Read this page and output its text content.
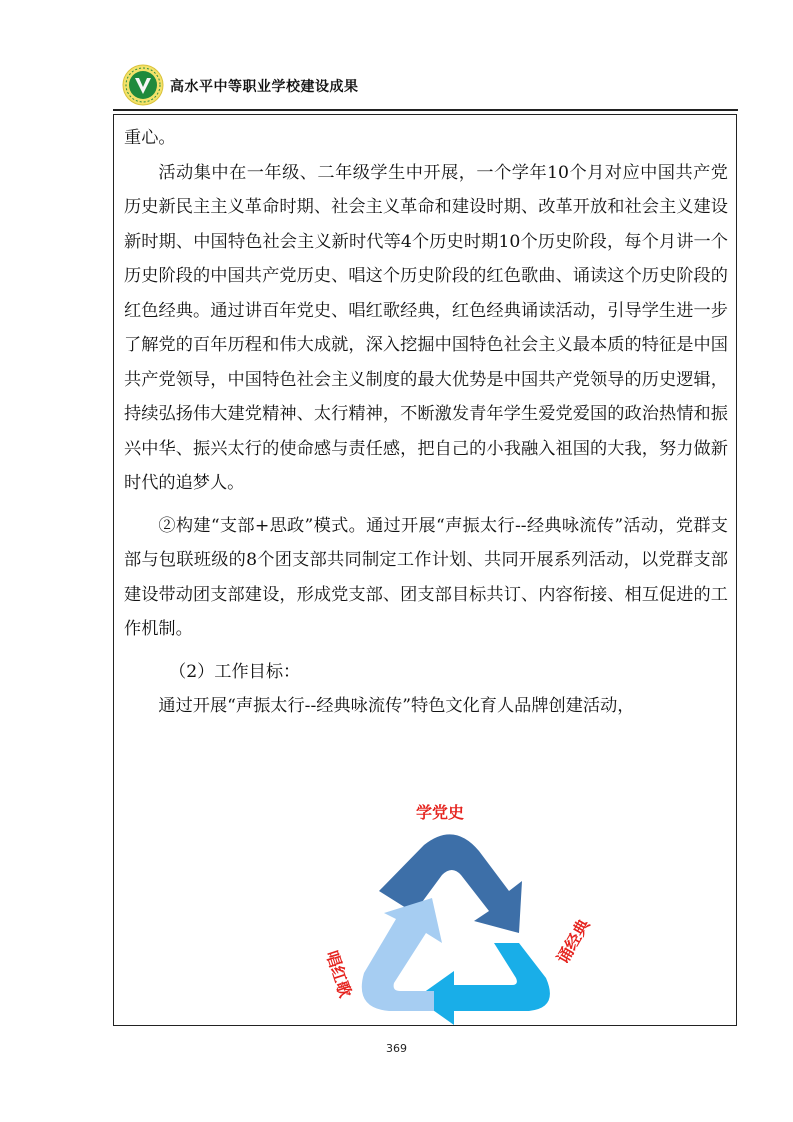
高水平中等职业学校建设成果

重心。

活动集中在一年级、二年级学生中开展，一个学年10个月对应中国共产党历史新民主主义革命时期、社会主义革命和建设时期、改革开放和社会主义建设新时期、中国特色社会主义新时代等4个历史时期10个历史阶段，每个月讲一个历史阶段的中国共产党历史、唱这个历史阶段的红色歌曲、诵读这个历史阶段的红色经典。通过讲百年党史、唱红歌经典，红色经典诵读活动，引导学生进一步了解党的百年历程和伟大成就，深入挖掘中国特色社会主义最本质的特征是中国共产党领导，中国特色社会主义制度的最大优势是中国共产党领导的历史逻辑，持续弘扬伟大建党精神、太行精神，不断激发青年学生爱党爱国的政治热情和振兴中华、振兴太行的使命感与责任感，把自己的小我融入祖国的大我，努力做新时代的追梦人。

②构建“支部+思政”模式。通过开展“声振太行--经典咏流传”活动，党群支部与包联班级的8个团支部共同制定工作计划、共同开展系列活动，以党群支部建设带动团支部建设，形成党支部、团支部目标共订、内容衔接、相互促进的工作机制。

（2）工作目标：

通过开展“声振太行--经典咏流传”特色文化育人品牌创建活动，

学党史
唱红歌
诵经典
369
